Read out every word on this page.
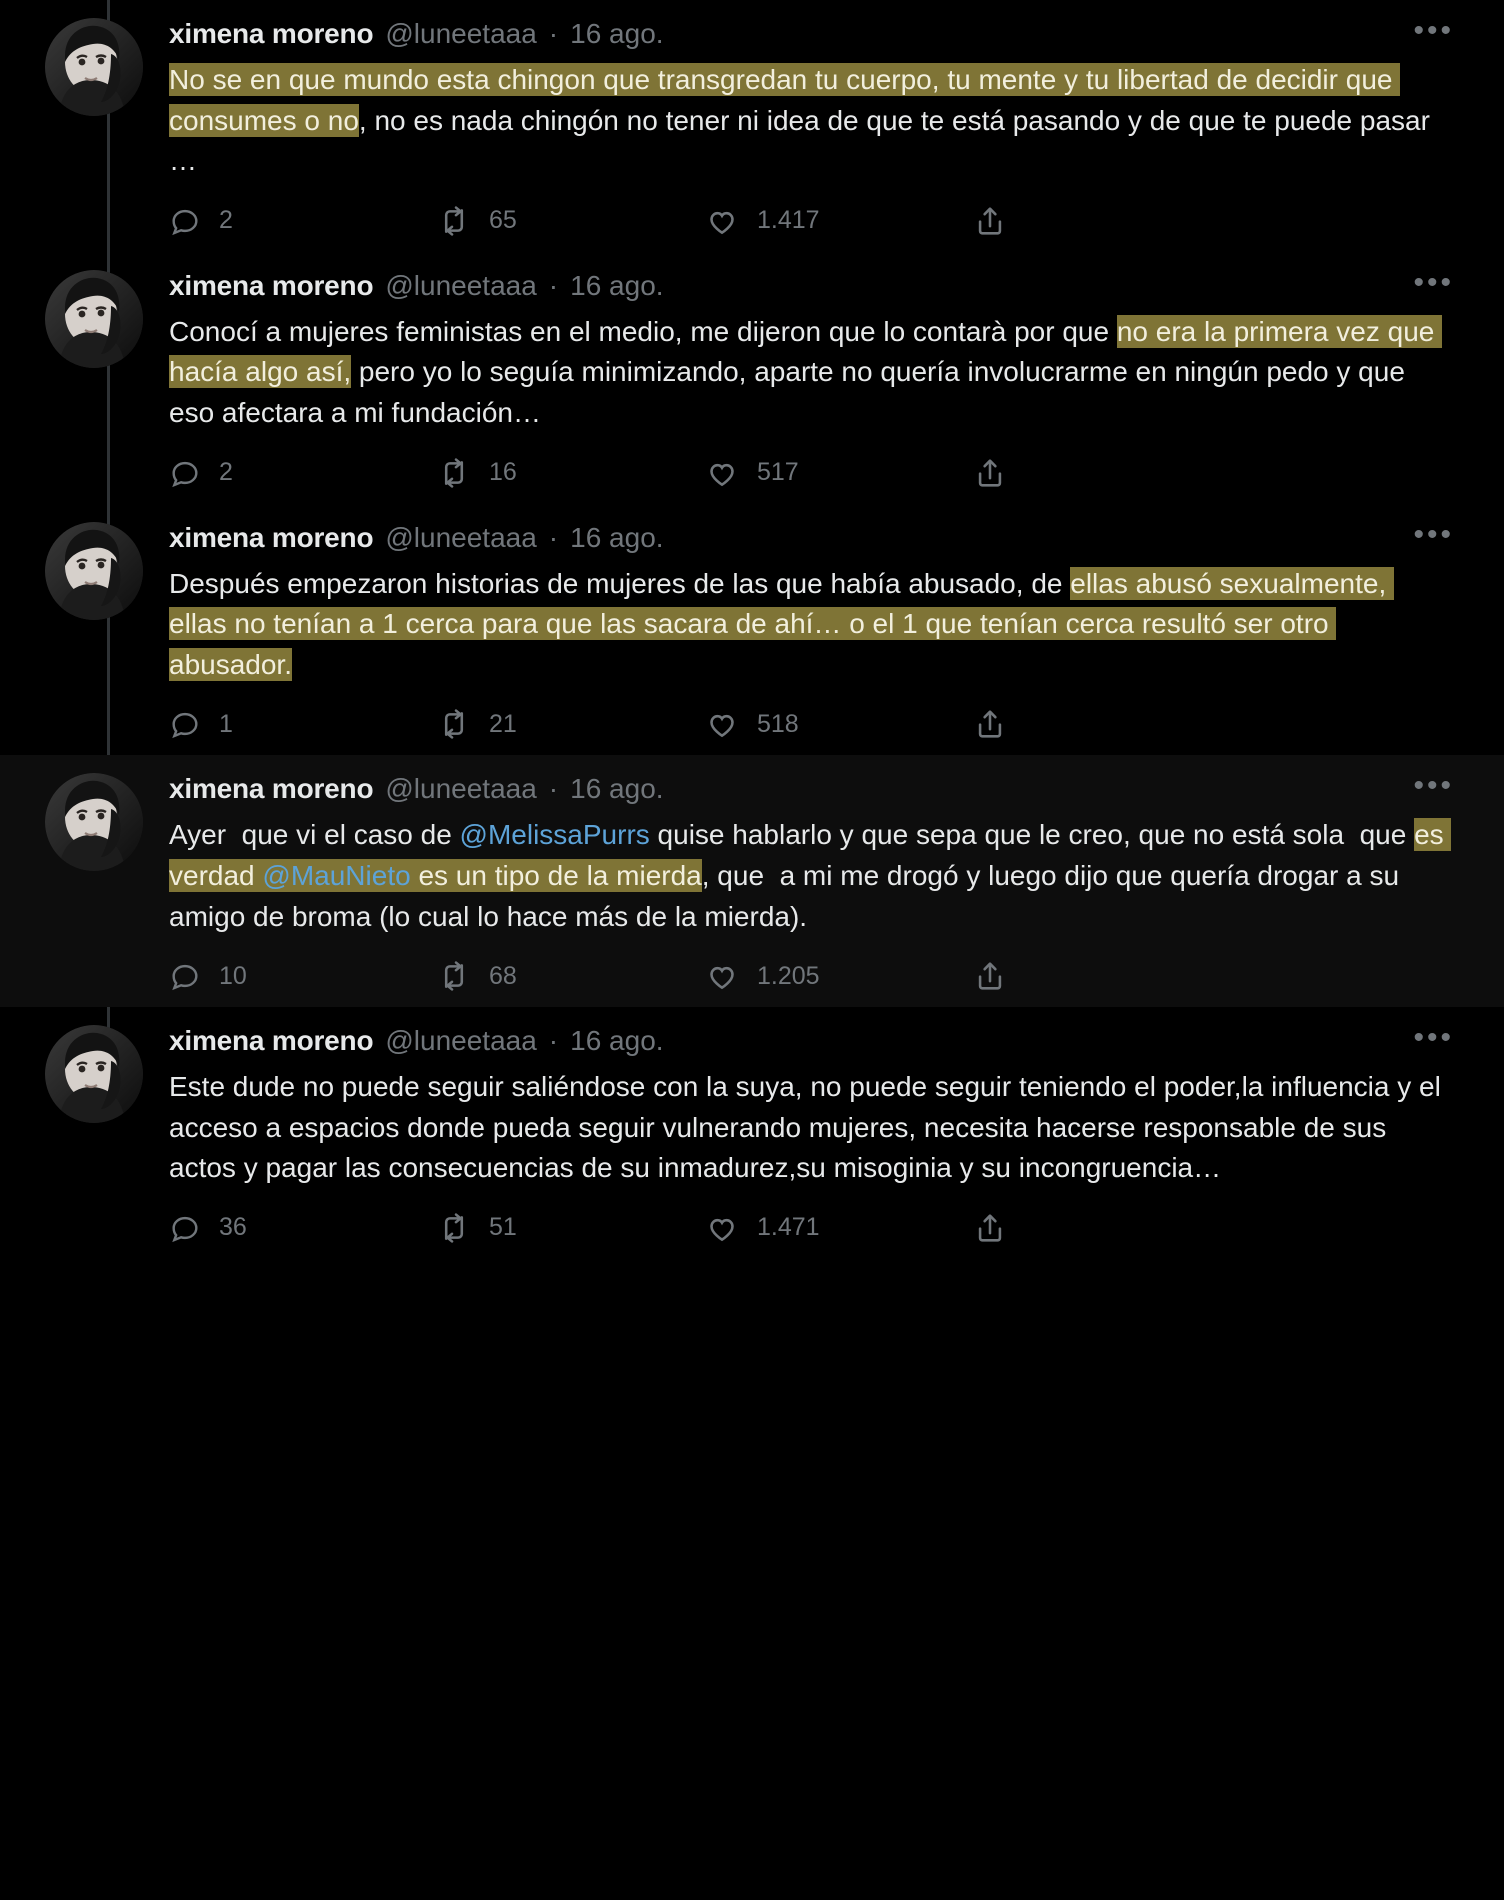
ximena moreno @luneetaaa · 16 ago.	•••
No se en que mundo esta chingon que transgredan tu cuerpo, tu mente y tu libertad de decidir que consumes o no, no es nada chingón no tener ni idea de que te está pasando y de que te puede pasar …
2	65	1.417
ximena moreno @luneetaaa · 16 ago.	•••
Conocí a mujeres feministas en el medio, me dijeron que lo contarà por que no era la primera vez que hacía algo así, pero yo lo seguía minimizando, aparte no quería involucrarme en ningún pedo y que eso afectara a mi fundación…
2	16	517
ximena moreno @luneetaaa · 16 ago.	•••
Después empezaron historias de mujeres de las que había abusado, de ellas abusó sexualmente, ellas no tenían a 1 cerca para que las sacara de ahí… o el 1 que tenían cerca resultó ser otro abusador.
1	21	518
ximena moreno @luneetaaa · 16 ago.	•••
Ayer  que vi el caso de @MelissaPurrs quise hablarlo y que sepa que le creo, que no está sola  que es verdad @MauNieto es un tipo de la mierda, que  a mi me drogó y luego dijo que quería drogar a su amigo de broma (lo cual lo hace más de la mierda).
10	68	1.205
ximena moreno @luneetaaa · 16 ago.	•••
Este dude no puede seguir saliéndose con la suya, no puede seguir teniendo el poder,la influencia y el acceso a espacios donde pueda seguir vulnerando mujeres, necesita hacerse responsable de sus actos y pagar las consecuencias de su inmadurez,su misoginia y su incongruencia…
36	51	1.471
